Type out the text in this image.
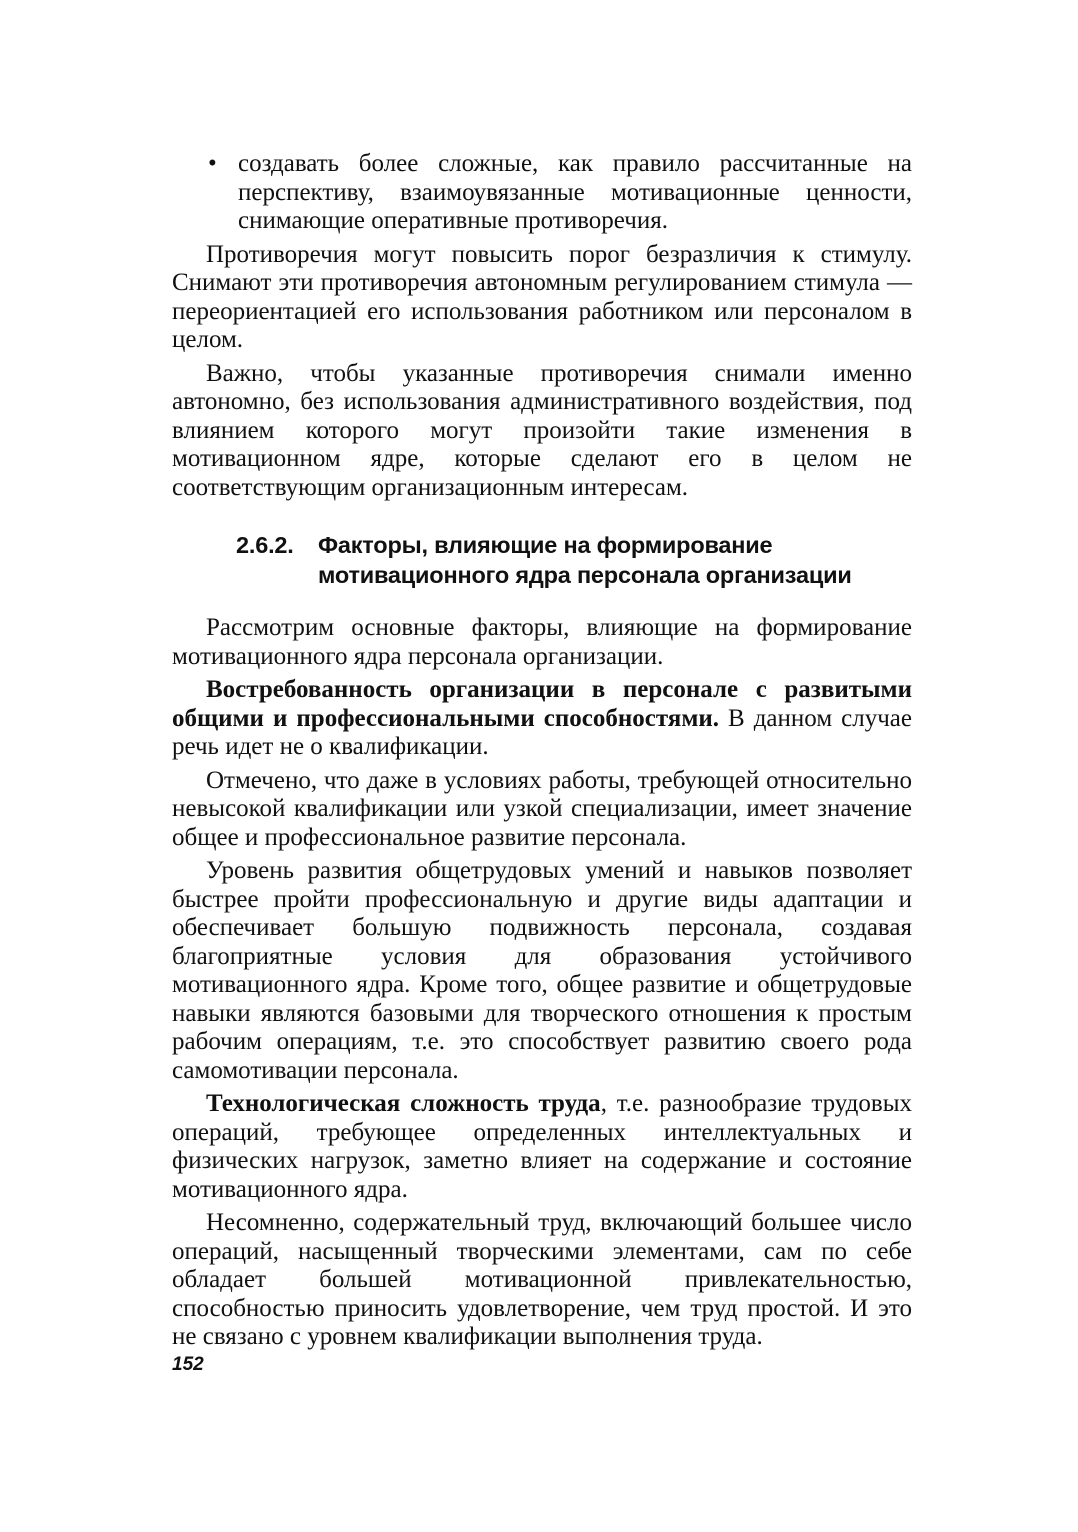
• создавать более сложные, как правило рассчитанные на перспективу, взаимоувязанные мотивационные ценности, снимающие оперативные противоречия.

Противоречия могут повысить порог безразличия к стимулу. Снимают эти противоречия автономным регулированием стимула — переориентацией его использования работником или персоналом в целом.

Важно, чтобы указанные противоречия снимали именно автономно, без использования административного воздействия, под влиянием которого могут произойти такие изменения в мотивационном ядре, которые сделают его в целом не соответствующим организационным интересам.

2.6.2.	Факторы, влияющие на формирование мотивационного ядра персонала организации

Рассмотрим основные факторы, влияющие на формирование мотивационного ядра персонала организации.

Востребованность организации в персонале с развитыми общими и профессиональными способностями. В данном случае речь идет не о квалификации.

Отмечено, что даже в условиях работы, требующей относительно невысокой квалификации или узкой специализации, имеет значение общее и профессиональное развитие персонала.

Уровень развития общетрудовых умений и навыков позволяет быстрее пройти профессиональную и другие виды адаптации и обеспечивает большую подвижность персонала, создавая благоприятные условия для образования устойчивого мотивационного ядра. Кроме того, общее развитие и общетрудовые навыки являются базовыми для творческого отношения к простым рабочим операциям, т.е. это способствует развитию своего рода самомотивации персонала.

Технологическая сложность труда, т.е. разнообразие трудовых операций, требующее определенных интеллектуальных и физических нагрузок, заметно влияет на содержание и состояние мотивационного ядра.

Несомненно, содержательный труд, включающий большее число операций, насыщенный творческими элементами, сам по себе обладает большей мотивационной привлекательностью, способностью приносить удовлетворение, чем труд простой. И это не связано с уровнем квалификации выполнения труда.

152
